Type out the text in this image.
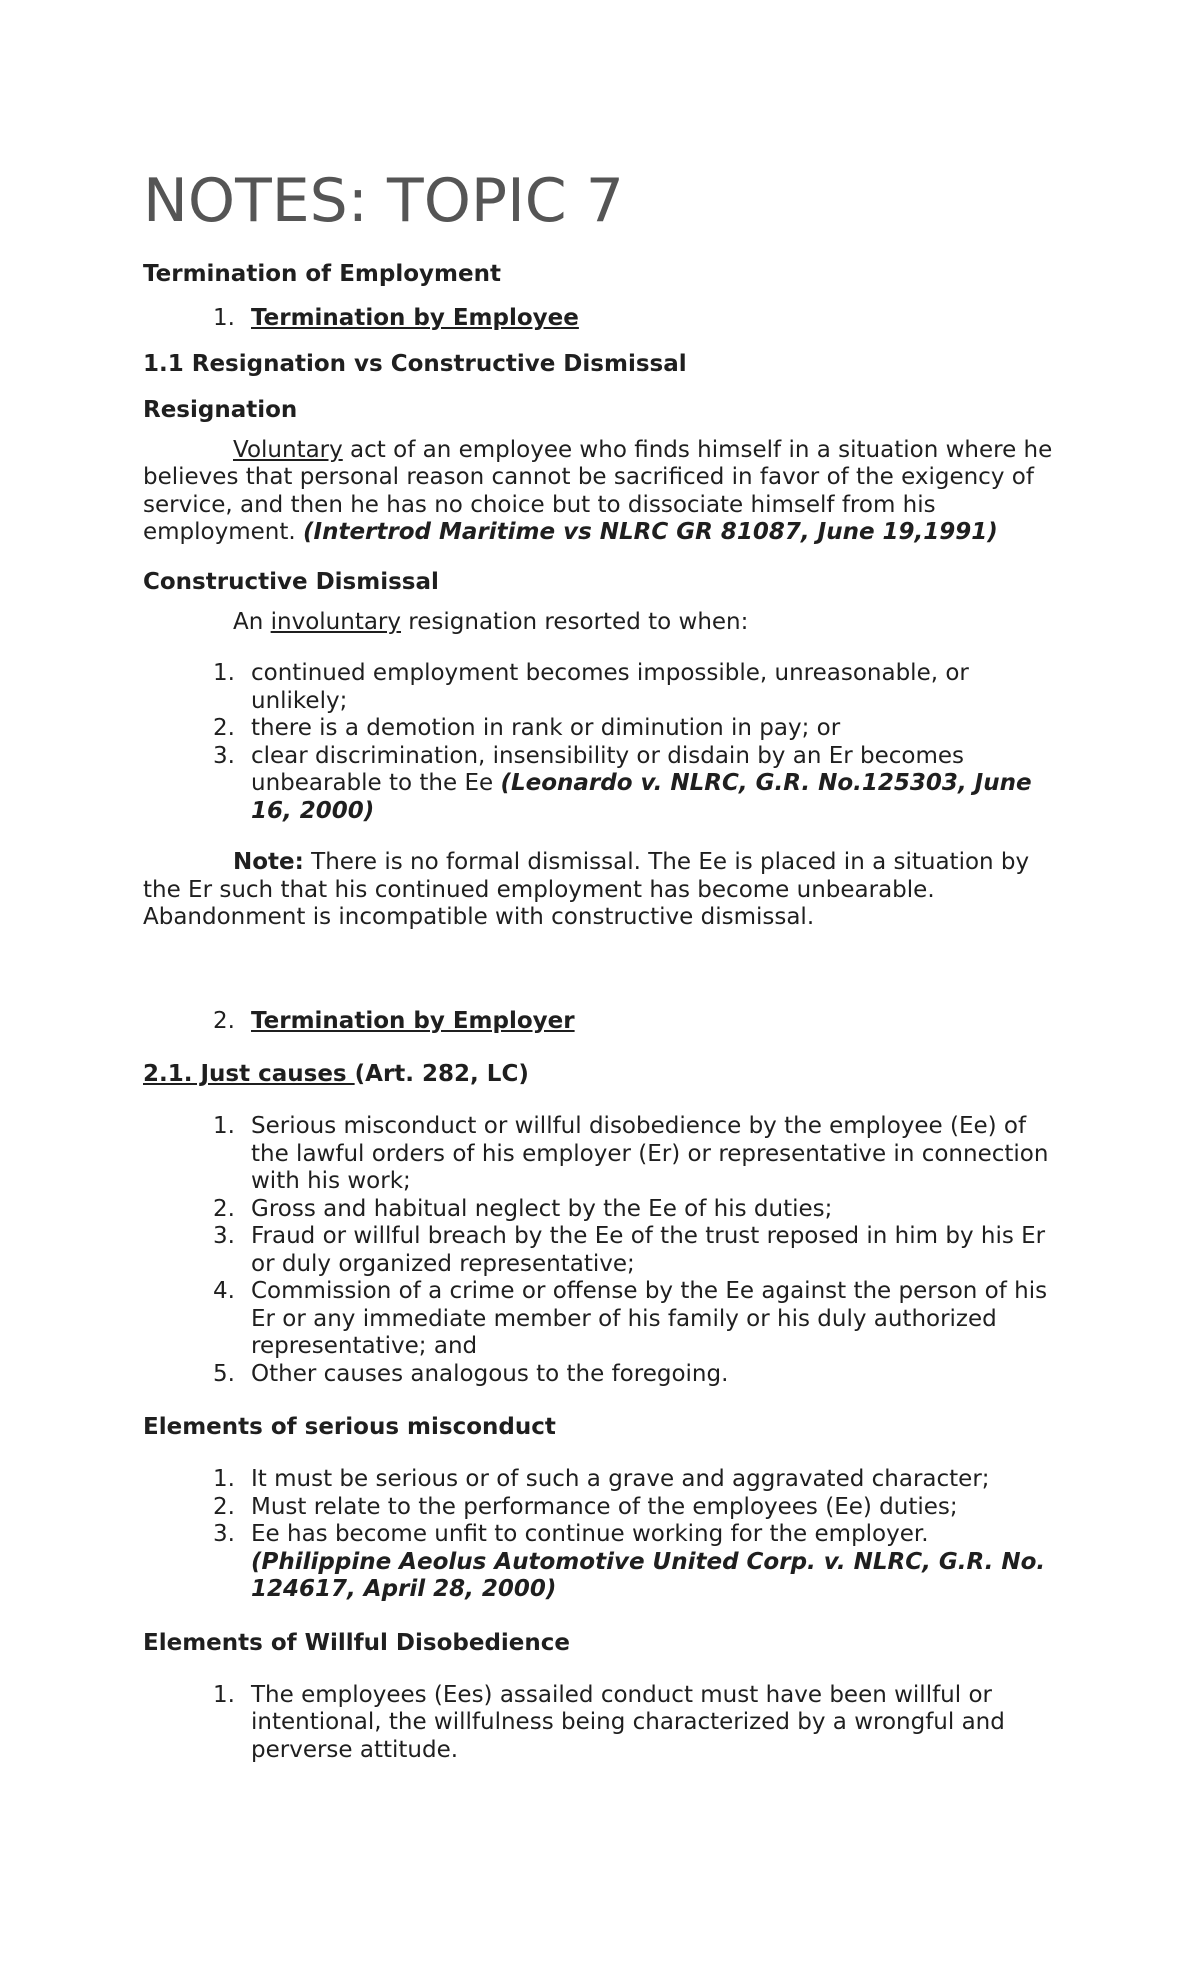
NOTES: TOPIC 7

Termination of Employment

1. Termination by Employee

1.1 Resignation vs Constructive Dismissal

Resignation

Voluntary act of an employee who finds himself in a situation where he believes that personal reason cannot be sacrificed in favor of the exigency of service, and then he has no choice but to dissociate himself from his employment. (Intertrod Maritime vs NLRC GR 81087, June 19,1991)

Constructive Dismissal

An involuntary resignation resorted to when:

1. continued employment becomes impossible, unreasonable, or unlikely;
2. there is a demotion in rank or diminution in pay; or
3. clear discrimination, insensibility or disdain by an Er becomes unbearable to the Ee (Leonardo v. NLRC, G.R. No.125303, June 16, 2000)

Note: There is no formal dismissal. The Ee is placed in a situation by the Er such that his continued employment has become unbearable. Abandonment is incompatible with constructive dismissal.

2. Termination by Employer

2.1. Just causes (Art. 282, LC)

1. Serious misconduct or willful disobedience by the employee (Ee) of the lawful orders of his employer (Er) or representative in connection with his work;
2. Gross and habitual neglect by the Ee of his duties;
3. Fraud or willful breach by the Ee of the trust reposed in him by his Er or duly organized representative;
4. Commission of a crime or offense by the Ee against the person of his Er or any immediate member of his family or his duly authorized representative; and
5. Other causes analogous to the foregoing.

Elements of serious misconduct

1. It must be serious or of such a grave and aggravated character;
2. Must relate to the performance of the employees (Ee) duties;
3. Ee has become unfit to continue working for the employer. (Philippine Aeolus Automotive United Corp. v. NLRC, G.R. No. 124617, April 28, 2000)

Elements of Willful Disobedience

1. The employees (Ees) assailed conduct must have been willful or intentional, the willfulness being characterized by a wrongful and perverse attitude.
